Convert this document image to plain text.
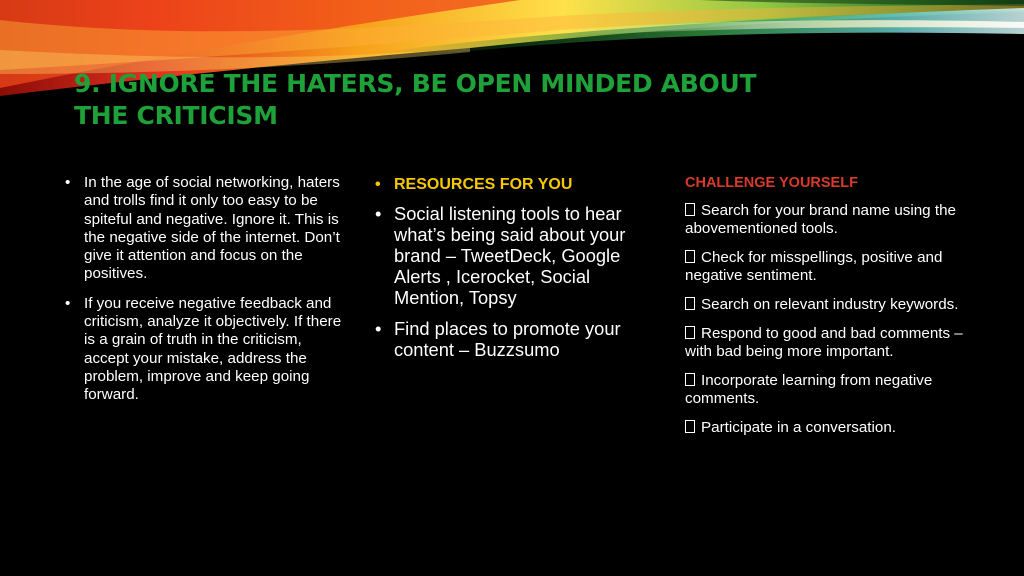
9. IGNORE THE HATERS, BE OPEN MINDED ABOUT
THE CRITICISM
• In the age of social networking, haters and trolls find it only too easy to be spiteful and negative. Ignore it. This is the negative side of the internet. Don’t give it attention and focus on the positives.
• If you receive negative feedback and criticism, analyze it objectively. If there is a grain of truth in the criticism, accept your mistake, address the problem, improve and keep going forward.
• RESOURCES FOR YOU
• Social listening tools to hear what’s being said about your brand – TweetDeck, Google Alerts , Icerocket, Social Mention, Topsy
• Find places to promote your content – Buzzsumo
CHALLENGE YOURSELF
Search for your brand name using the abovementioned tools.
Check for misspellings, positive and negative sentiment.
Search on relevant industry keywords.
Respond to good and bad comments – with bad being more important.
Incorporate learning from negative comments.
Participate in a conversation.
